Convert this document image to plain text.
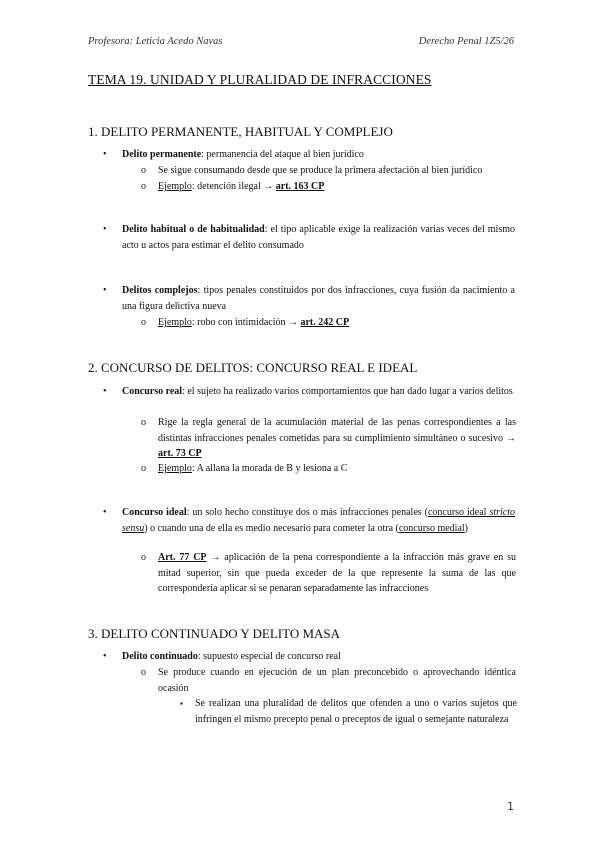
Profesora: Leticia Acedo Navas	Derecho Penal 1Z5/26
TEMA 19. UNIDAD Y PLURALIDAD DE INFRACCIONES
1. DELITO PERMANENTE, HABITUAL Y COMPLEJO
• Delito permanente: permanencia del ataque al bien jurídico
o Se sigue consumando desde que se produce la primera afectación al bien jurídico
o Ejemplo: detención ilegal → art. 163 CP
• Delito habitual o de habitualidad: el tipo aplicable exige la realización varias veces del mismo acto u actos para estimar el delito consumado
• Delitos complejos: tipos penales constituidos por dos infracciones, cuya fusión da nacimiento a una figura delictiva nueva
o Ejemplo: robo con intimidación → art. 242 CP
2. CONCURSO DE DELITOS: CONCURSO REAL E IDEAL
• Concurso real: el sujeto ha realizado varios comportamientos que han dado lugar a varios delitos
o Rige la regla general de la acumulación material de las penas correspondientes a las distintas infracciones penales cometidas para su cumplimiento simultáneo o sucesivo → art. 73 CP
o Ejemplo: A allana la morada de B y lesiona a C
• Concurso ideal: un solo hecho constituye dos o más infracciones penales (concurso ideal stricto sensu) o cuando una de ella es medio necesario para cometer la otra (concurso medial)
o Art. 77 CP → aplicación de la pena correspondiente a la infracción más grave en su mitad superior, sin que pueda exceder de la que represente la suma de las que correspondería aplicar si se penaran separadamente las infracciones
3. DELITO CONTINUADO Y DELITO MASA
• Delito continuado: supuesto especial de concurso real
o Se produce cuando en ejecución de un plan preconcebido o aprovechando idéntica ocasión
▪ Se realizan una pluralidad de delitos que ofenden a uno o varios sujetos que infringen el mismo precepto penal o preceptos de igual o semejante naturaleza
1
